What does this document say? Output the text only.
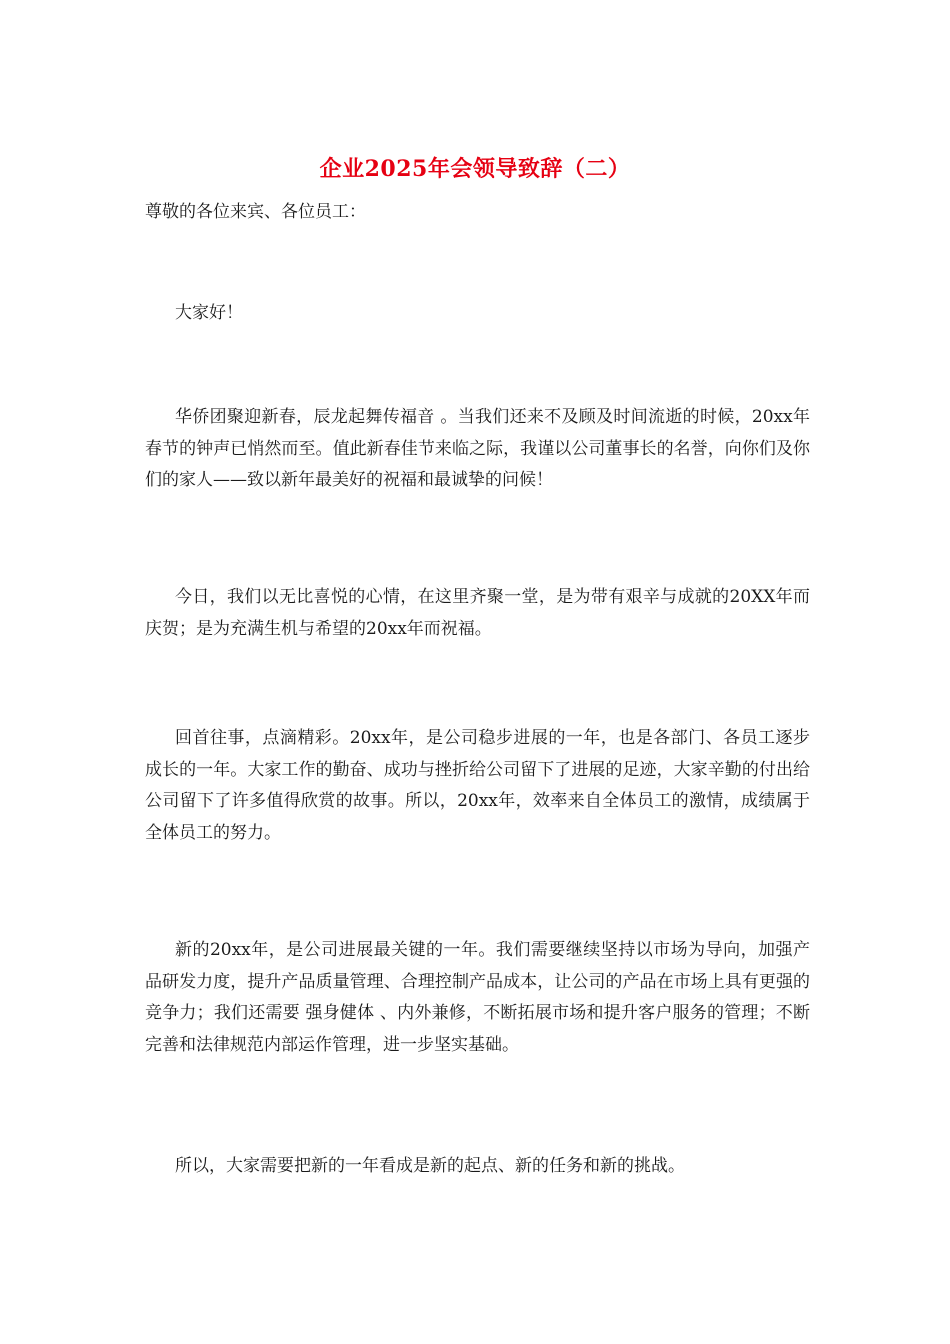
企业2025年会领导致辞（二）
尊敬的各位来宾、各位员工：

大家好！

华侨团聚迎新春，辰龙起舞传福音 。当我们还来不及顾及时间流逝的时候，20xx年春节的钟声已悄然而至。值此新春佳节来临之际，我谨以公司董事长的名誉，向你们及你们的家人——致以新年最美好的祝福和最诚挚的问候！

今日，我们以无比喜悦的心情，在这里齐聚一堂，是为带有艰辛与成就的20XX年而庆贺；是为充满生机与希望的20xx年而祝福。

回首往事，点滴精彩。20xx年，是公司稳步进展的一年，也是各部门、各员工逐步成长的一年。大家工作的勤奋、成功与挫折给公司留下了进展的足迹，大家辛勤的付出给公司留下了许多值得欣赏的故事。所以，20xx年，效率来自全体员工的激情，成绩属于全体员工的努力。

新的20xx年，是公司进展最关键的一年。我们需要继续坚持以市场为导向，加强产品研发力度，提升产品质量管理、合理控制产品成本，让公司的产品在市场上具有更强的竞争力；我们还需要 强身健体 、内外兼修，不断拓展市场和提升客户服务的管理；不断完善和法律规范内部运作管理，进一步坚实基础。

所以，大家需要把新的一年看成是新的起点、新的任务和新的挑战。
